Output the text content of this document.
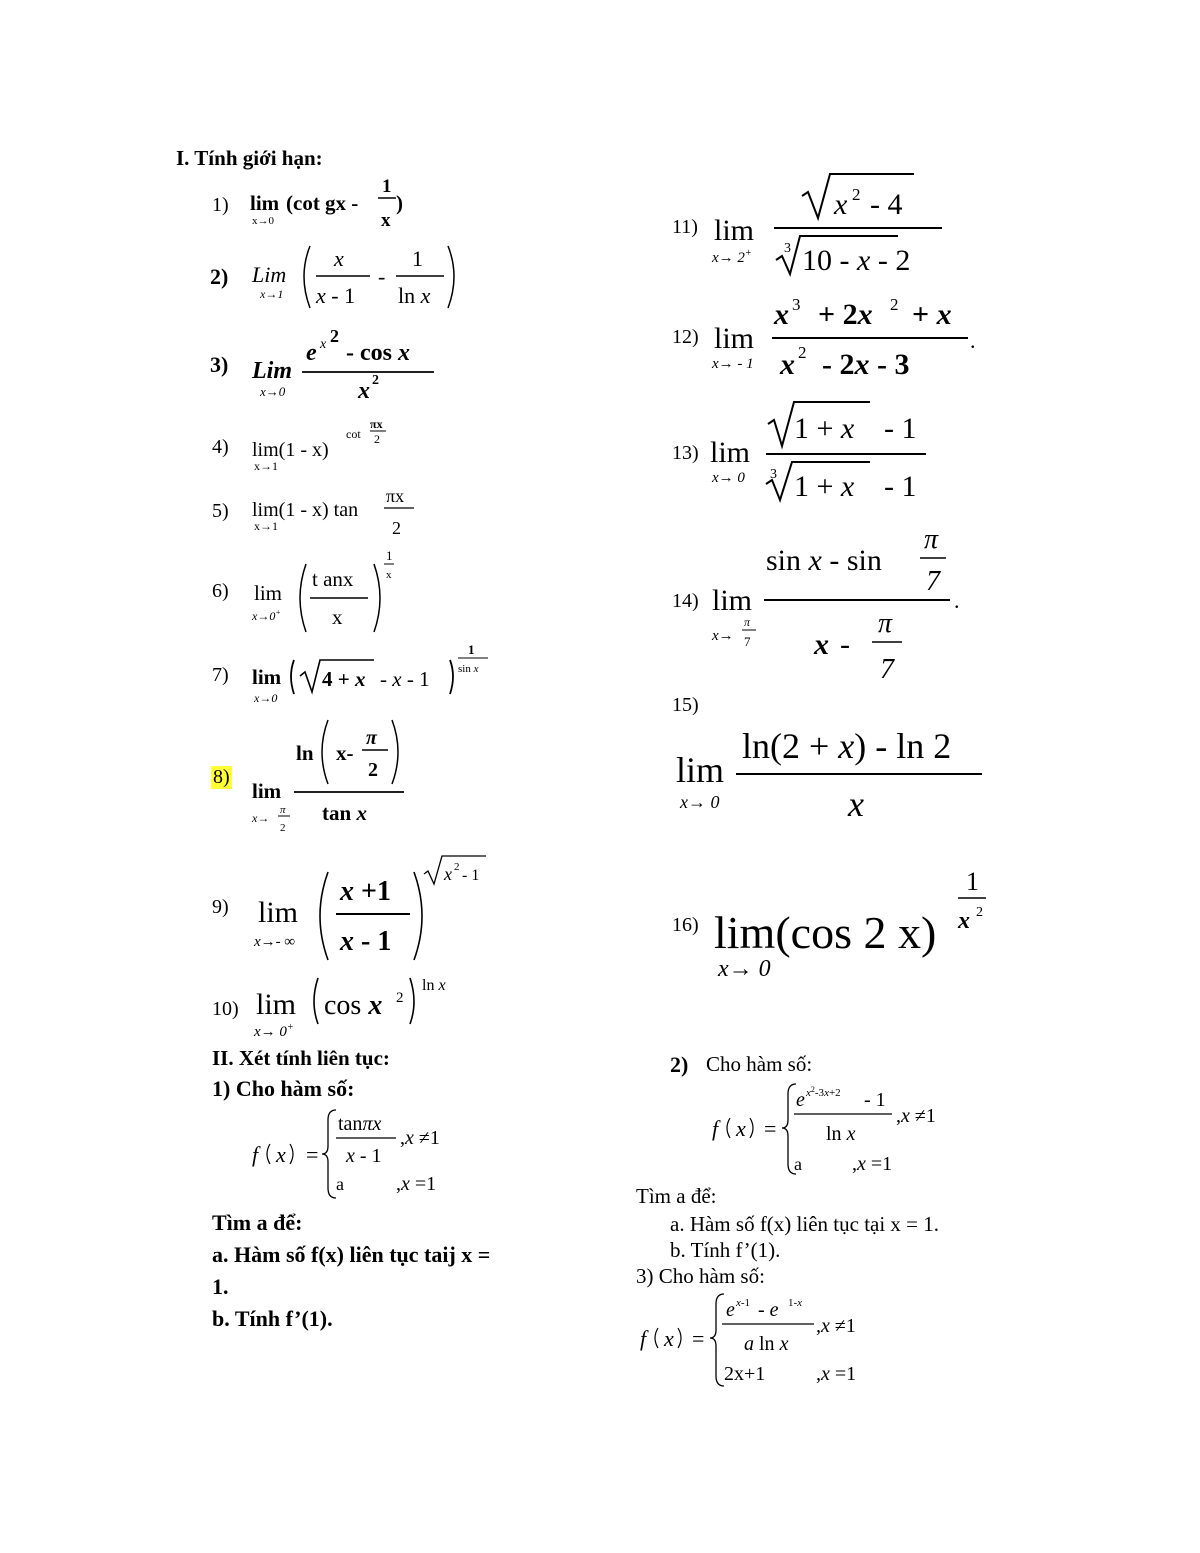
I. Tính giới hạn:
1) lim
x→0
(cot gx -
1
x
)
2) Lim
x→1
x
x - 1
-
1
ln x
3) Lim
x→0
e x 2
- cos x
x 2
4) lim(1 - x)
x→1
cot
πx
2
5) lim(1 - x) tan
x→1
πx
2
6) lim
x→0+
t anx
x
1
x
7) lim
x→0
4 + x - x - 1
1
sin x
8)
lim
x→
π
2
ln x-
π
2
tan x
9) lim
x→- ∞
x +1
x - 1
x 2 - 1
10) lim
x→ 0+
cos x 2
ln x
11) lim
x→ 2+
x 2 - 4
3 10 - x - 2
12) lim
x→ - 1
x 3 + 2x 2 + x
x 2 - 2x - 3
.
13) lim
x→ 0
1 + x - 1
3 1 + x - 1
14) lim
x→
π
7
sin x - sin
π
7
x -
π
7
.
15)
lim
x→ 0
ln(2 + x) - ln 2
x
16) lim(cos 2 x)
x→ 0
1
x 2
II. Xét tính liên tục:
1) Cho hàm số:
f x =
tanπx
x - 1
,x ≠1
a	,x =1
Tìm a để:
a. Hàm số f(x) liên tục taij x =
1.
b. Tính f’(1).
2) Cho hàm số:
f x =
e $x^2-3x+2 - 1$
ln x
,x ≠1
a	,x =1
Tìm a để:
a. Hàm số f(x) liên tục tại x = 1.
b. Tính f’(1).
3) Cho hàm số:
f x =
e x-1 - e 1-x
a ln x
,x ≠1
2x+1	,x =1
